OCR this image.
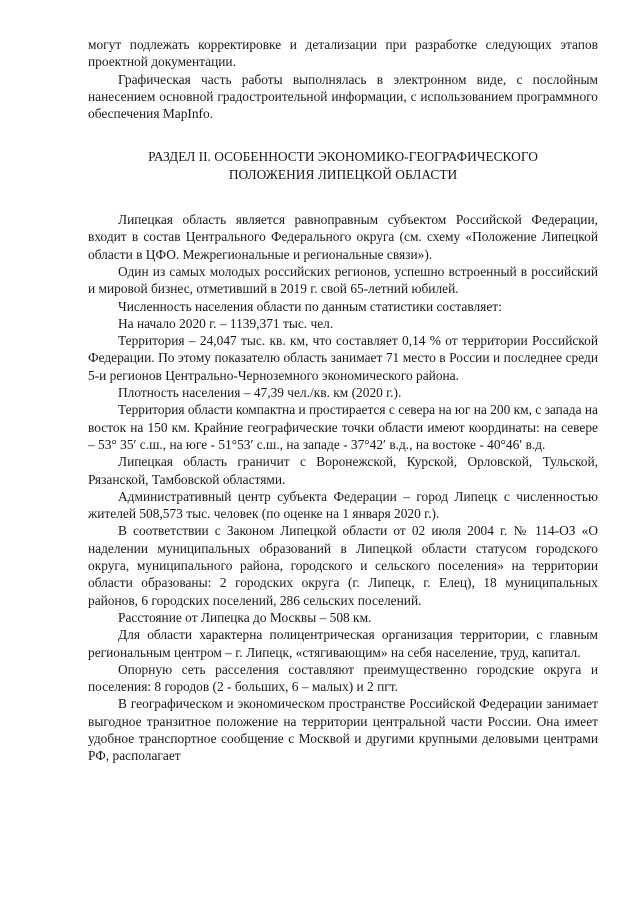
могут подлежать корректировке и детализации при разработке следующих этапов проектной документации.

Графическая часть работы выполнялась в электронном виде, с послойным нанесением основной градостроительной информации, с использованием программного обеспечения MapInfo.

РАЗДЕЛ II. ОСОБЕННОСТИ ЭКОНОМИКО-ГЕОГРАФИЧЕСКОГО ПОЛОЖЕНИЯ ЛИПЕЦКОЙ ОБЛАСТИ

Липецкая область является равноправным субъектом Российской Федерации, входит в состав Центрального Федерального округа (см. схему «Положение Липецкой области в ЦФО. Межрегиональные и региональные связи»).

Один из самых молодых российских регионов, успешно встроенный в российский и мировой бизнес, отметивший в 2019 г. свой 65-летний юбилей.

Численность населения области по данным статистики составляет:

На начало 2020 г. – 1139,371 тыс. чел.

Территория – 24,047 тыс. кв. км, что составляет 0,14 % от территории Российской Федерации. По этому показателю область занимает 71 место в России и последнее среди 5-и регионов Центрально-Черноземного экономического района.

Плотность населения – 47,39 чел./кв. км (2020 г.).

Территория области компактна и простирается с севера на юг на 200 км, с запада на восток на 150 км. Крайние географические точки области имеют координаты: на севере – 53° 35′ с.ш., на юге - 51°53′ с.ш., на западе - 37°42′ в.д., на востоке - 40°46′ в.д.

Липецкая область граничит с Воронежской, Курской, Орловской, Тульской, Рязанской, Тамбовской областями.

Административный центр субъекта Федерации – город Липецк с численностью жителей 508,573 тыс. человек (по оценке на 1 января 2020 г.).

В соответствии с Законом Липецкой области от 02 июля 2004 г. № 114-ОЗ «О наделении муниципальных образований в Липецкой области статусом городского округа, муниципального района, городского и сельского поселения» на территории области образованы: 2 городских округа (г. Липецк, г. Елец), 18 муниципальных районов, 6 городских поселений, 286 сельских поселений.

Расстояние от Липецка до Москвы – 508 км.

Для области характерна полицентрическая организация территории, с главным региональным центром – г. Липецк, «стягивающим» на себя население, труд, капитал.

Опорную сеть расселения составляют преимущественно городские округа и поселения: 8 городов (2 - больших, 6 – малых) и 2 пгт.

В географическом и экономическом пространстве Российской Федерации занимает выгодное транзитное положение на территории центральной части России. Она имеет удобное транспортное сообщение с Москвой и другими крупными деловыми центрами РФ, располагает
